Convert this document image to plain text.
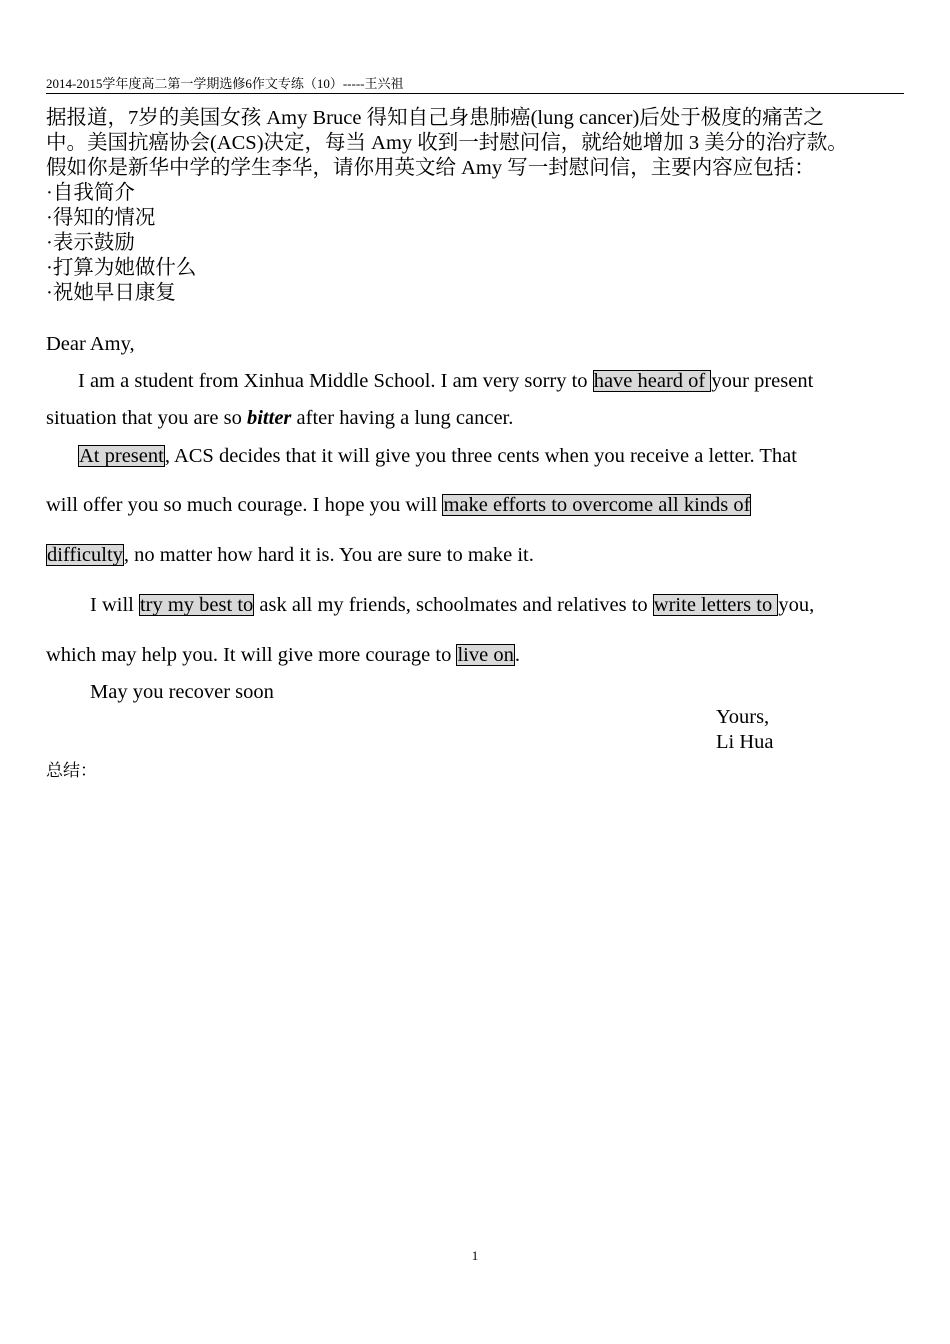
2014-2015学年度高二第一学期选修6作文专练（10）-----王兴祖
据报道，7岁的美国女孩 Amy Bruce 得知自己身患肺癌(lung cancer)后处于极度的痛苦之
中。美国抗癌协会(ACS)决定，每当 Amy 收到一封慰问信，就给她增加 3 美分的治疗款。
假如你是新华中学的学生李华，请你用英文给 Amy 写一封慰问信，主要内容应包括：
·自我简介
·得知的情况
·表示鼓励
·打算为她做什么
·祝她早日康复
Dear Amy,
I am a student from Xinhua Middle School. I am very sorry to have heard of your present
situation that you are so bitter after having a lung cancer.
At present, ACS decides that it will give you three cents when you receive a letter. That
will offer you so much courage. I hope you will make efforts to overcome all kinds of
difficulty, no matter how hard it is. You are sure to make it.
I will try my best to ask all my friends, schoolmates and relatives to write letters to you,
which may help you. It will give more courage to live on.
May you recover soon
Yours,
Li Hua
总结：
1
